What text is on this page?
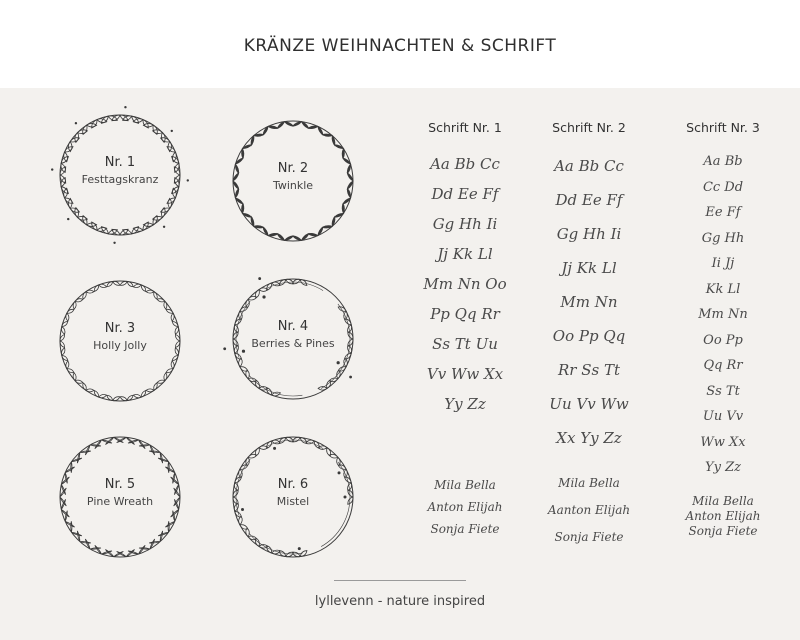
KRÄNZE WEIHNACHTEN & SCHRIFT
Nr. 1
Festtagskranz
Nr. 2
Twinkle
Nr. 3
Holly Jolly
Nr. 4
Berries & Pines
Nr. 5
Pine Wreath
Nr. 6
Mistel
Schrift Nr. 1
Aa Bb Cc
Dd Ee Ff
Gg Hh Ii
Jj Kk Ll
Mm Nn Oo
Pp Qq Rr
Ss Tt Uu
Vv Ww Xx
Yy Zz
Schrift Nr. 2
Aa Bb Cc
Dd Ee Ff
Gg Hh Ii
Jj Kk Ll
Mm Nn
Oo Pp Qq
Rr Ss Tt
Uu Vv Ww
Xx Yy Zz
Schrift Nr. 3
Aa Bb
Cc Dd
Ee Ff
Gg Hh
Ii Jj
Kk Ll
Mm Nn
Oo Pp
Qq Rr
Ss Tt
Uu Vv
Ww Xx
Yy Zz
Mila Bella
Anton Elijah
Sonja Fiete
Mila Bella
Aanton Elijah
Sonja Fiete
Mila Bella
Anton Elijah
Sonja Fiete
lyllevenn - nature inspired
